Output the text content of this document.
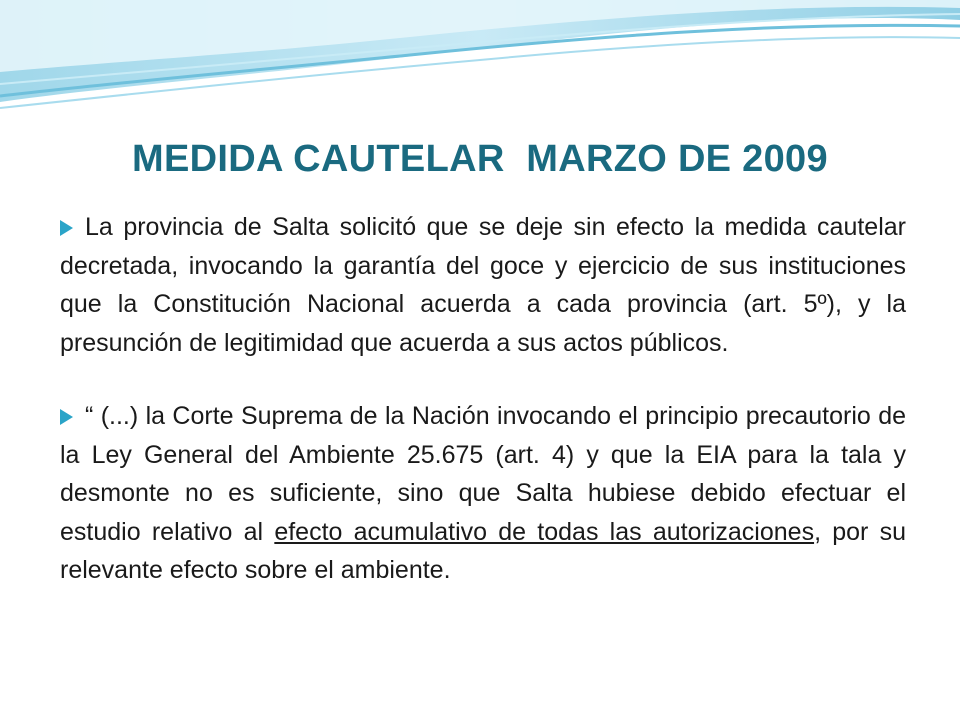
MEDIDA CAUTELAR  MARZO DE 2009

La provincia de Salta solicitó que se deje sin efecto la medida cautelar decretada, invocando la garantía del goce y ejercicio de sus instituciones que la Constitución Nacional acuerda a cada provincia (art. 5º), y la presunción de legitimidad que acuerda a sus actos públicos.

“ (...) la Corte Suprema de la Nación invocando el principio precautorio de la Ley General del Ambiente 25.675 (art. 4) y que la EIA para la tala y desmonte no es suficiente, sino que Salta hubiese debido efectuar el estudio relativo al efecto acumulativo de todas las autorizaciones, por su relevante efecto sobre el ambiente.
